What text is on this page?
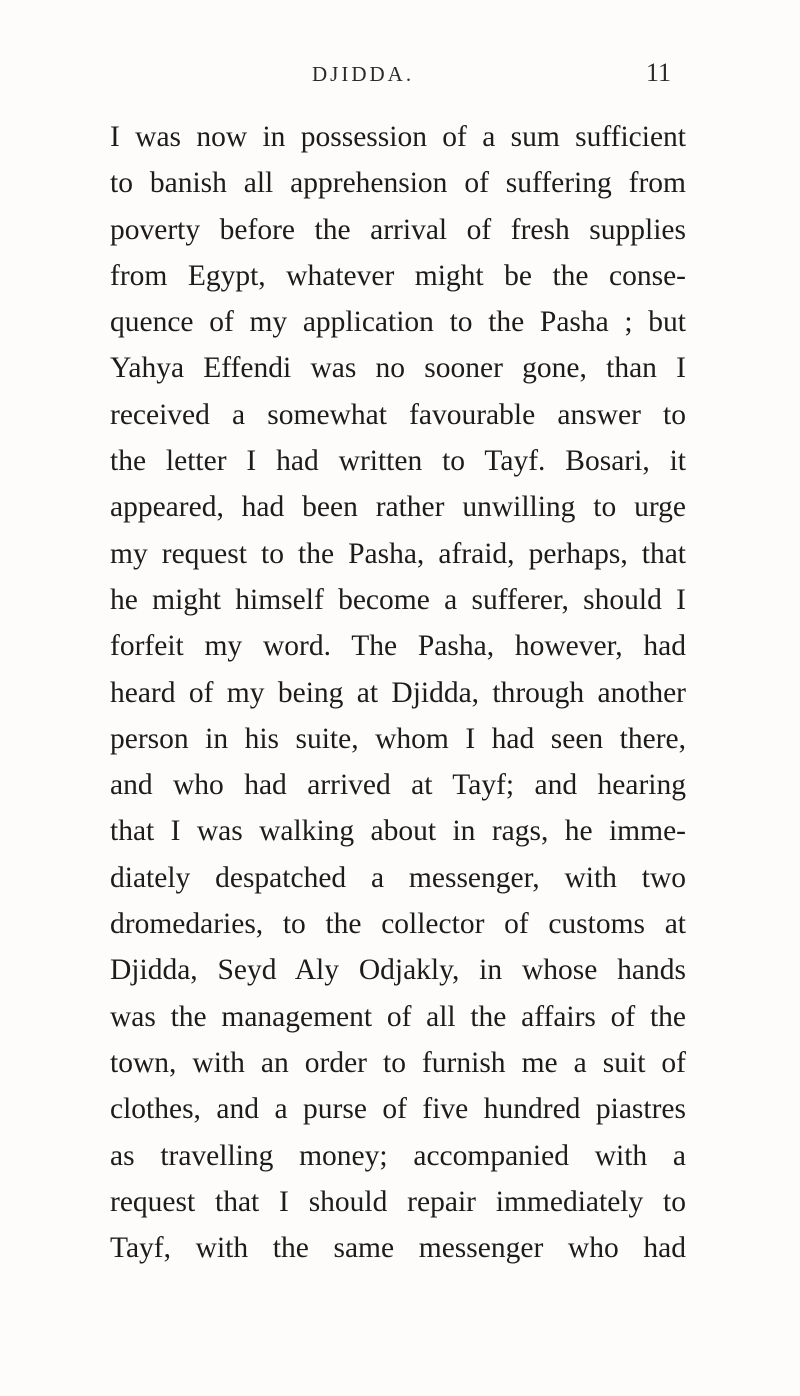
DJIDDA.	11
I was now in possession of a sum sufficient
to banish all apprehension of suffering from
poverty before the arrival of fresh supplies
from Egypt, whatever might be the conse-
quence of my application to the Pasha ; but
Yahya Effendi was no sooner gone, than I
received a somewhat favourable answer to
the letter I had written to Tayf. Bosari, it
appeared, had been rather unwilling to urge
my request to the Pasha, afraid, perhaps, that
he might himself become a sufferer, should I
forfeit my word. The Pasha, however, had
heard of my being at Djidda, through another
person in his suite, whom I had seen there,
and who had arrived at Tayf; and hearing
that I was walking about in rags, he imme-
diately despatched a messenger, with two
dromedaries, to the collector of customs at
Djidda, Seyd Aly Odjakly, in whose hands
was the management of all the affairs of the
town, with an order to furnish me a suit of
clothes, and a purse of five hundred piastres
as travelling money; accompanied with a
request that I should repair immediately to
Tayf, with the same messenger who had
